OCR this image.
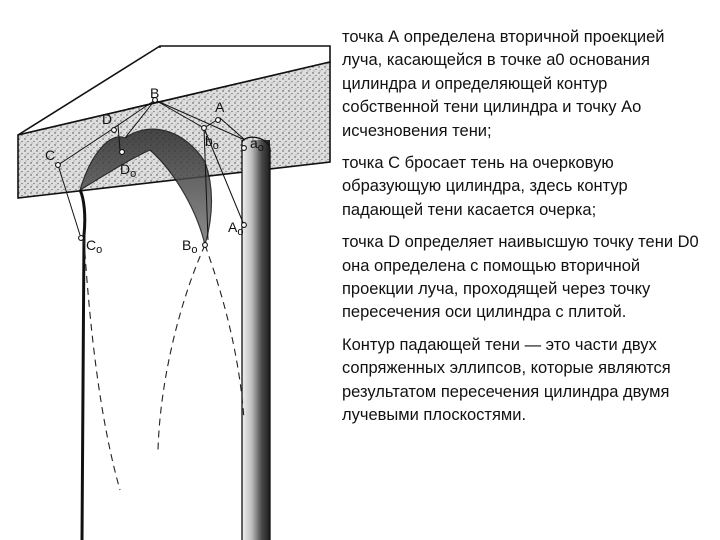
B
A
D
C
$b_o$ $a_o$
$D_o$
$C_o$	$B_o$
$A_o$

точка А определена вторичной проекцией луча, касающейся в точке а0 основания цилиндра и определяющей контур собственной тени цилиндра и точку Ао исчезновения тени;

точка С бросает тень на очерковую образующую цилиндра, здесь контур падающей тени касается очерка;

точка D определяет наивысшую точку тени D0 она определена с помощью вторичной проекции луча, проходящей через точку пересечения оси цилиндра с плитой.

Контур падающей тени — это части двух сопряженных эллипсов, которые являются результатом пересечения цилиндра двумя лучевыми плоскостями.
